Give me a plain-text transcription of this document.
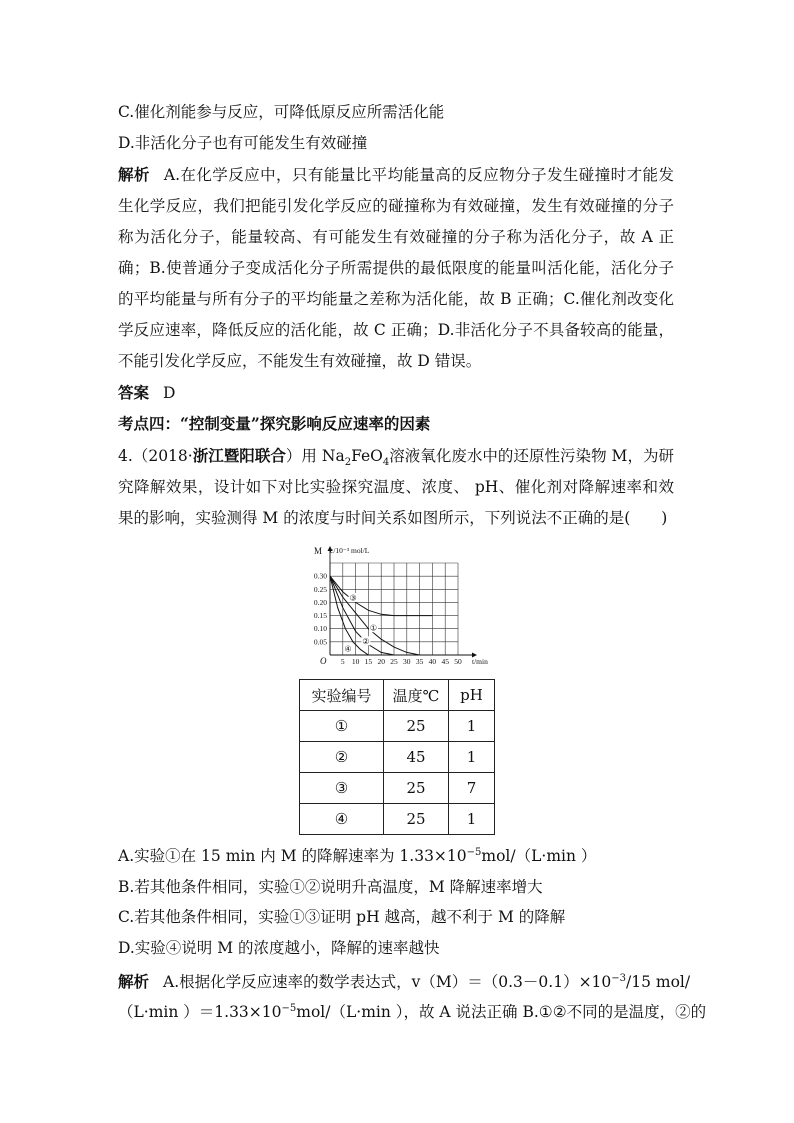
C.催化剂能参与反应，可降低原反应所需活化能
D.非活化分子也有可能发生有效碰撞
解析 A.在化学反应中，只有能量比平均能量高的反应物分子发生碰撞时才能发
生化学反应，我们把能引发化学反应的碰撞称为有效碰撞，发生有效碰撞的分子
称为活化分子，能量较高、有可能发生有效碰撞的分子称为活化分子，故 A 正
确；B.使普通分子变成活化分子所需提供的最低限度的能量叫活化能，活化分子
的平均能量与所有分子的平均能量之差称为活化能，故 B 正确；C.催化剂改变化
学反应速率，降低反应的活化能，故 C 正确；D.非活化分子不具备较高的能量，
不能引发化学反应，不能发生有效碰撞，故 D 错误。
答案 D
考点四：“控制变量”探究影响反应速率的因素
4.（2018·浙江暨阳联合）用 $Na_2FeO_4$溶液氧化废水中的还原性污染物 M，为研
究降解效果，设计如下对比实验探究温度、浓度、 pH、催化剂对降解速率和效
果的影响，实验测得 M 的浓度与时间关系如图所示，下列说法不正确的是(　　)
5 10 15 20 25 30 35 40 45 50
0.05
0.10
0.15
0.20
0.25
0.30
①
②
③
④
M c/10⁻³ mol/L
O	t/min
实验编号	温度℃	pH
①	25	1
②	45	1
③	25	7
④	25	1
A.实验①在 15 min 内 M 的降解速率为 $1.33\times 10^{-5}mol/(L\cdot\min$ ）
B.若其他条件相同，实验①②说明升高温度，M 降解速率增大
C.若其他条件相同，实验①③证明 pH 越高，越不利于 M 的降解
D.实验④说明 M 的浓度越小，降解的速率越快
解析 A.根据化学反应速率的数学表达式，$v(M)=(0.3-0.1)\times 10^{-3}/15$ mol/
（L·min ）$=1.33\times 10^{-5}mol/(L\cdot\min$ ），故 A 说法正确 B.①②不同的是温度，②的
